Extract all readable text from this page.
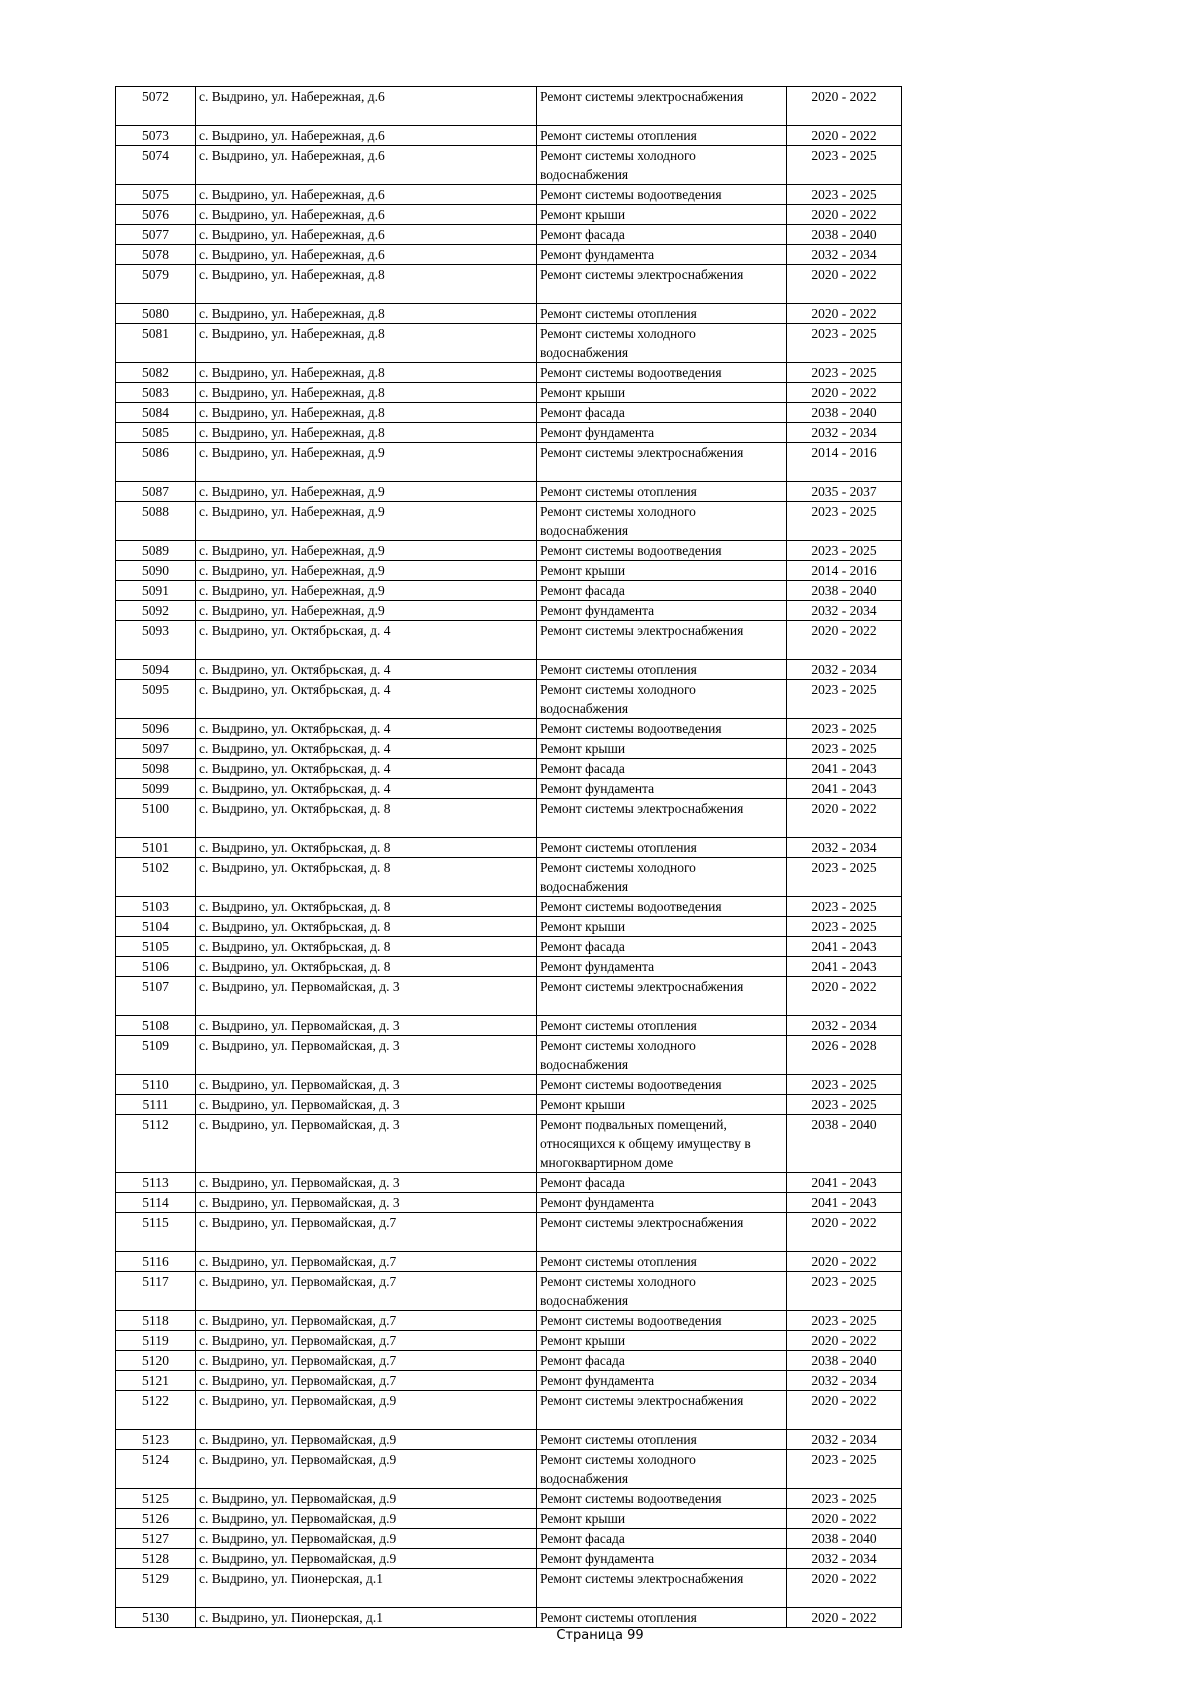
5072	с. Выдрино, ул. Набережная, д.6	Ремонт системы электроснабжения	2020 - 2022
5073	с. Выдрино, ул. Набережная, д.6	Ремонт системы отопления	2020 - 2022
5074	с. Выдрино, ул. Набережная, д.6	Ремонт системы холодного водоснабжения	2023 - 2025
5075	с. Выдрино, ул. Набережная, д.6	Ремонт системы водоотведения	2023 - 2025
5076	с. Выдрино, ул. Набережная, д.6	Ремонт крыши	2020 - 2022
5077	с. Выдрино, ул. Набережная, д.6	Ремонт фасада	2038 - 2040
5078	с. Выдрино, ул. Набережная, д.6	Ремонт фундамента	2032 - 2034
5079	с. Выдрино, ул. Набережная, д.8	Ремонт системы электроснабжения	2020 - 2022
5080	с. Выдрино, ул. Набережная, д.8	Ремонт системы отопления	2020 - 2022
5081	с. Выдрино, ул. Набережная, д.8	Ремонт системы холодного водоснабжения	2023 - 2025
5082	с. Выдрино, ул. Набережная, д.8	Ремонт системы водоотведения	2023 - 2025
5083	с. Выдрино, ул. Набережная, д.8	Ремонт крыши	2020 - 2022
5084	с. Выдрино, ул. Набережная, д.8	Ремонт фасада	2038 - 2040
5085	с. Выдрино, ул. Набережная, д.8	Ремонт фундамента	2032 - 2034
5086	с. Выдрино, ул. Набережная, д.9	Ремонт системы электроснабжения	2014 - 2016
5087	с. Выдрино, ул. Набережная, д.9	Ремонт системы отопления	2035 - 2037
5088	с. Выдрино, ул. Набережная, д.9	Ремонт системы холодного водоснабжения	2023 - 2025
5089	с. Выдрино, ул. Набережная, д.9	Ремонт системы водоотведения	2023 - 2025
5090	с. Выдрино, ул. Набережная, д.9	Ремонт крыши	2014 - 2016
5091	с. Выдрино, ул. Набережная, д.9	Ремонт фасада	2038 - 2040
5092	с. Выдрино, ул. Набережная, д.9	Ремонт фундамента	2032 - 2034
5093	с. Выдрино, ул. Октябрьская, д. 4	Ремонт системы электроснабжения	2020 - 2022
5094	с. Выдрино, ул. Октябрьская, д. 4	Ремонт системы отопления	2032 - 2034
5095	с. Выдрино, ул. Октябрьская, д. 4	Ремонт системы холодного водоснабжения	2023 - 2025
5096	с. Выдрино, ул. Октябрьская, д. 4	Ремонт системы водоотведения	2023 - 2025
5097	с. Выдрино, ул. Октябрьская, д. 4	Ремонт крыши	2023 - 2025
5098	с. Выдрино, ул. Октябрьская, д. 4	Ремонт фасада	2041 - 2043
5099	с. Выдрино, ул. Октябрьская, д. 4	Ремонт фундамента	2041 - 2043
5100	с. Выдрино, ул. Октябрьская, д. 8	Ремонт системы электроснабжения	2020 - 2022
5101	с. Выдрино, ул. Октябрьская, д. 8	Ремонт системы отопления	2032 - 2034
5102	с. Выдрино, ул. Октябрьская, д. 8	Ремонт системы холодного водоснабжения	2023 - 2025
5103	с. Выдрино, ул. Октябрьская, д. 8	Ремонт системы водоотведения	2023 - 2025
5104	с. Выдрино, ул. Октябрьская, д. 8	Ремонт крыши	2023 - 2025
5105	с. Выдрино, ул. Октябрьская, д. 8	Ремонт фасада	2041 - 2043
5106	с. Выдрино, ул. Октябрьская, д. 8	Ремонт фундамента	2041 - 2043
5107	с. Выдрино, ул. Первомайская, д. 3	Ремонт системы электроснабжения	2020 - 2022
5108	с. Выдрино, ул. Первомайская, д. 3	Ремонт системы отопления	2032 - 2034
5109	с. Выдрино, ул. Первомайская, д. 3	Ремонт системы холодного водоснабжения	2026 - 2028
5110	с. Выдрино, ул. Первомайская, д. 3	Ремонт системы водоотведения	2023 - 2025
5111	с. Выдрино, ул. Первомайская, д. 3	Ремонт крыши	2023 - 2025
5112	с. Выдрино, ул. Первомайская, д. 3	Ремонт подвальных помещений, относящихся к общему имуществу в многоквартирном доме	2038 - 2040
5113	с. Выдрино, ул. Первомайская, д. 3	Ремонт фасада	2041 - 2043
5114	с. Выдрино, ул. Первомайская, д. 3	Ремонт фундамента	2041 - 2043
5115	с. Выдрино, ул. Первомайская, д.7	Ремонт системы электроснабжения	2020 - 2022
5116	с. Выдрино, ул. Первомайская, д.7	Ремонт системы отопления	2020 - 2022
5117	с. Выдрино, ул. Первомайская, д.7	Ремонт системы холодного водоснабжения	2023 - 2025
5118	с. Выдрино, ул. Первомайская, д.7	Ремонт системы водоотведения	2023 - 2025
5119	с. Выдрино, ул. Первомайская, д.7	Ремонт крыши	2020 - 2022
5120	с. Выдрино, ул. Первомайская, д.7	Ремонт фасада	2038 - 2040
5121	с. Выдрино, ул. Первомайская, д.7	Ремонт фундамента	2032 - 2034
5122	с. Выдрино, ул. Первомайская, д.9	Ремонт системы электроснабжения	2020 - 2022
5123	с. Выдрино, ул. Первомайская, д.9	Ремонт системы отопления	2032 - 2034
5124	с. Выдрино, ул. Первомайская, д.9	Ремонт системы холодного водоснабжения	2023 - 2025
5125	с. Выдрино, ул. Первомайская, д.9	Ремонт системы водоотведения	2023 - 2025
5126	с. Выдрино, ул. Первомайская, д.9	Ремонт крыши	2020 - 2022
5127	с. Выдрино, ул. Первомайская, д.9	Ремонт фасада	2038 - 2040
5128	с. Выдрино, ул. Первомайская, д.9	Ремонт фундамента	2032 - 2034
5129	с. Выдрино, ул. Пионерская, д.1	Ремонт системы электроснабжения	2020 - 2022
5130	с. Выдрино, ул. Пионерская, д.1	Ремонт системы отопления	2020 - 2022
Страница 99
